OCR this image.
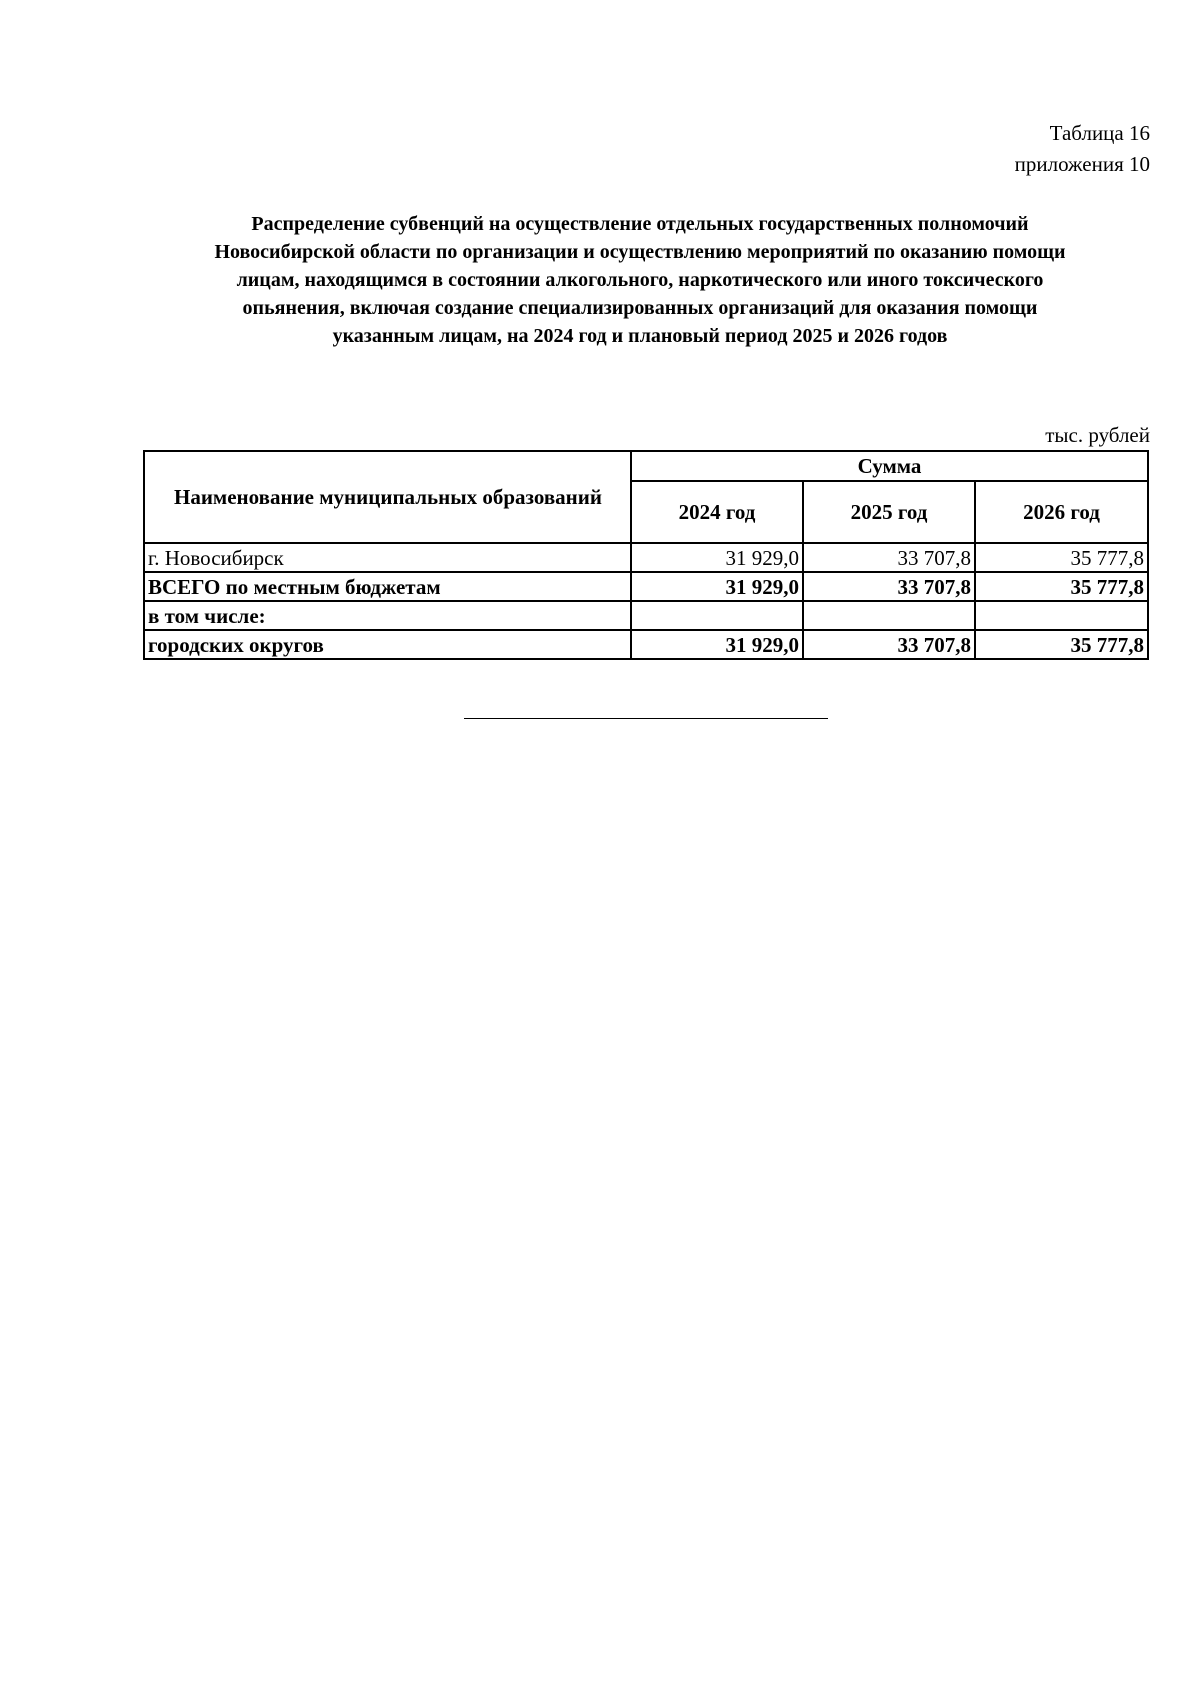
Таблица 16
приложения 10
Распределение субвенций на осуществление отдельных государственных полномочий
Новосибирской области по организации и осуществлению мероприятий по оказанию помощи
лицам, находящимся в состоянии алкогольного, наркотического или иного токсического
опьянения, включая создание специализированных организаций для оказания помощи
указанным лицам, на 2024 год и плановый период 2025 и 2026 годов
тыс. рублей
Наименование муниципальных образований	Сумма		
	2024 год	2025 год	2026 год
г. Новосибирск	31 929,0	33 707,8	35 777,8
ВСЕГО по местным бюджетам	31 929,0	33 707,8	35 777,8
в том числе:			
городских округов	31 929,0	33 707,8	35 777,8
